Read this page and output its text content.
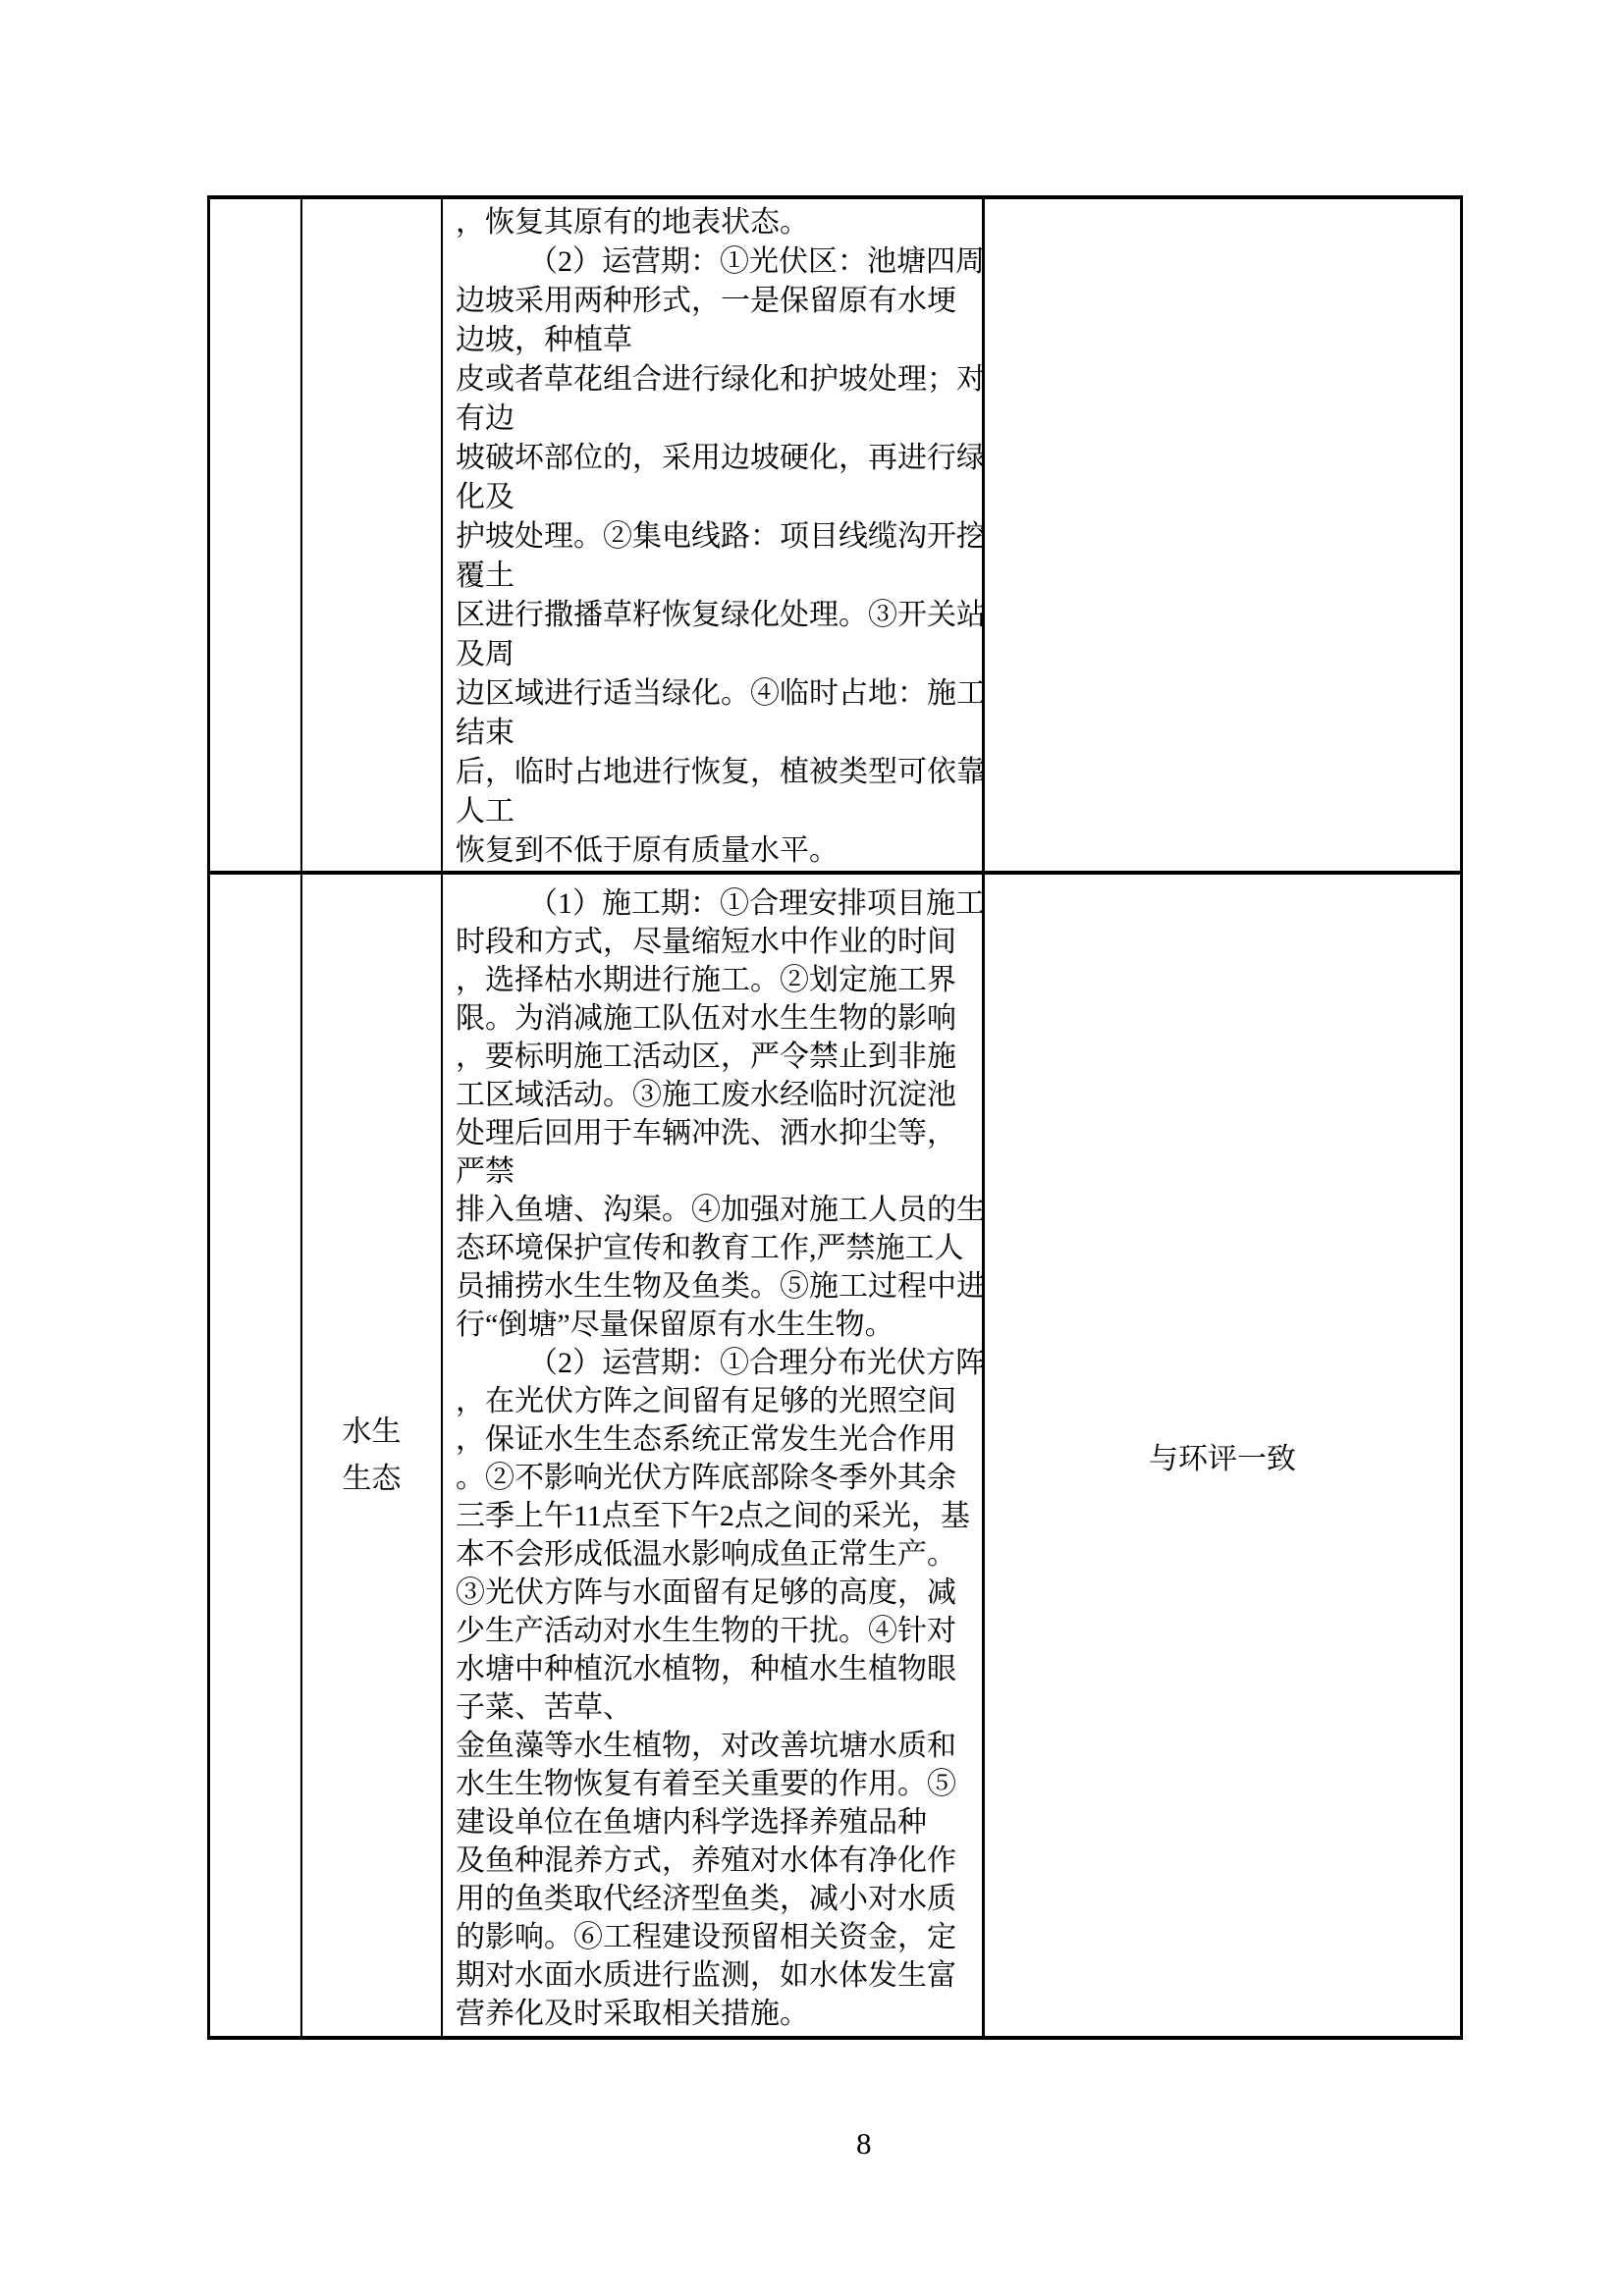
，恢复其原有的地表状态。
（2）运营期：①光伏区：池塘四周
边坡采用两种形式，一是保留原有水埂
边坡，种植草
皮或者草花组合进行绿化和护坡处理；对
有边
坡破坏部位的，采用边坡硬化，再进行绿
化及
护坡处理。②集电线路：项目线缆沟开挖
覆土
区进行撒播草籽恢复绿化处理。③开关站
及周
边区域进行适当绿化。④临时占地：施工
结束
后，临时占地进行恢复，植被类型可依靠
人工
恢复到不低于原有质量水平。
水生
生态
（1）施工期：①合理安排项目施工
时段和方式，尽量缩短水中作业的时间
，选择枯水期进行施工。②划定施工界
限。为消减施工队伍对水生生物的影响
，要标明施工活动区，严令禁止到非施
工区域活动。③施工废水经临时沉淀池
处理后回用于车辆冲洗、洒水抑尘等，
严禁
排入鱼塘、沟渠。④加强对施工人员的生
态环境保护宣传和教育工作,严禁施工人
员捕捞水生生物及鱼类。⑤施工过程中进
行“倒塘”尽量保留原有水生生物。
（2）运营期：①合理分布光伏方阵
，在光伏方阵之间留有足够的光照空间
，保证水生生态系统正常发生光合作用
。②不影响光伏方阵底部除冬季外其余
三季上午11点至下午2点之间的采光，基
本不会形成低温水影响成鱼正常生产。
③光伏方阵与水面留有足够的高度，减
少生产活动对水生生物的干扰。④针对
水塘中种植沉水植物，种植水生植物眼
子菜、苦草、
金鱼藻等水生植物，对改善坑塘水质和
水生生物恢复有着至关重要的作用。⑤
建设单位在鱼塘内科学选择养殖品种
及鱼种混养方式，养殖对水体有净化作
用的鱼类取代经济型鱼类，减小对水质
的影响。⑥工程建设预留相关资金，定
期对水面水质进行监测，如水体发生富
营养化及时采取相关措施。
与环评一致
8
